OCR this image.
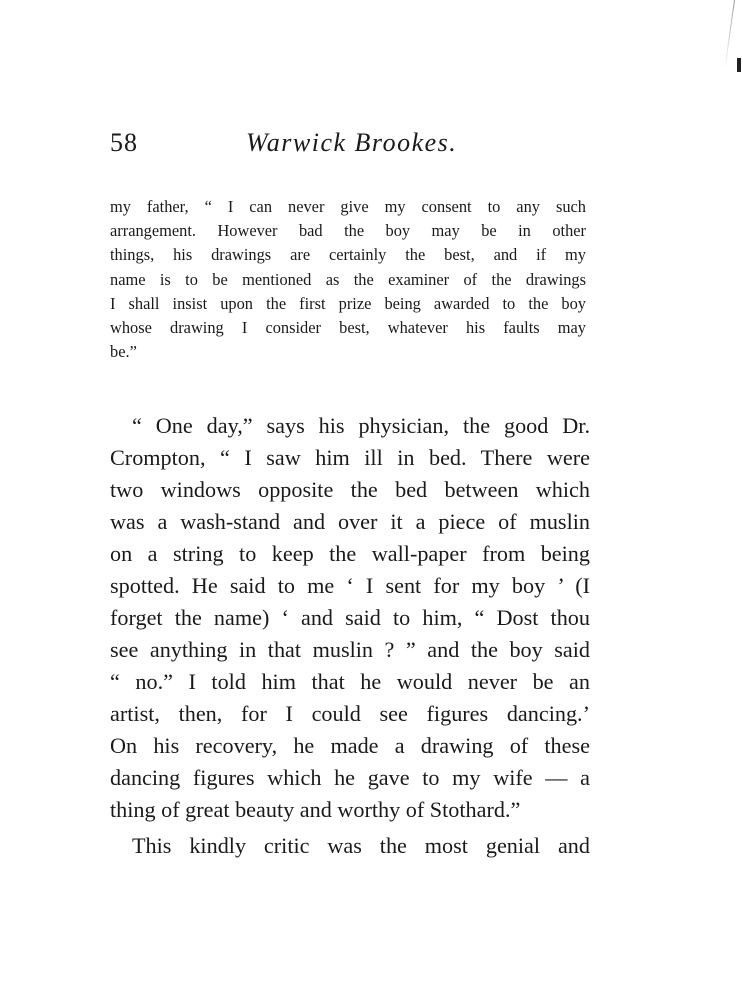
58	Warwick Brookes.
my father, “ I can never give my consent to any such
arrangement. However bad the boy may be in other
things, his drawings are certainly the best, and if my
name is to be mentioned as the examiner of the drawings
I shall insist upon the first prize being awarded to the boy
whose drawing I consider best, whatever his faults may
be.”
“ One day,” says his physician, the good Dr.
Crompton, “ I saw him ill in bed. There were
two windows opposite the bed between which
was a wash-stand and over it a piece of muslin
on a string to keep the wall-paper from being
spotted. He said to me ‘ I sent for my boy ’ (I
forget the name) ‘ and said to him, “ Dost thou
see anything in that muslin ? ” and the boy said
“ no.” I told him that he would never be an
artist, then, for I could see figures dancing.’
On his recovery, he made a drawing of these
dancing figures which he gave to my wife — a
thing of great beauty and worthy of Stothard.”
This kindly critic was the most genial and
